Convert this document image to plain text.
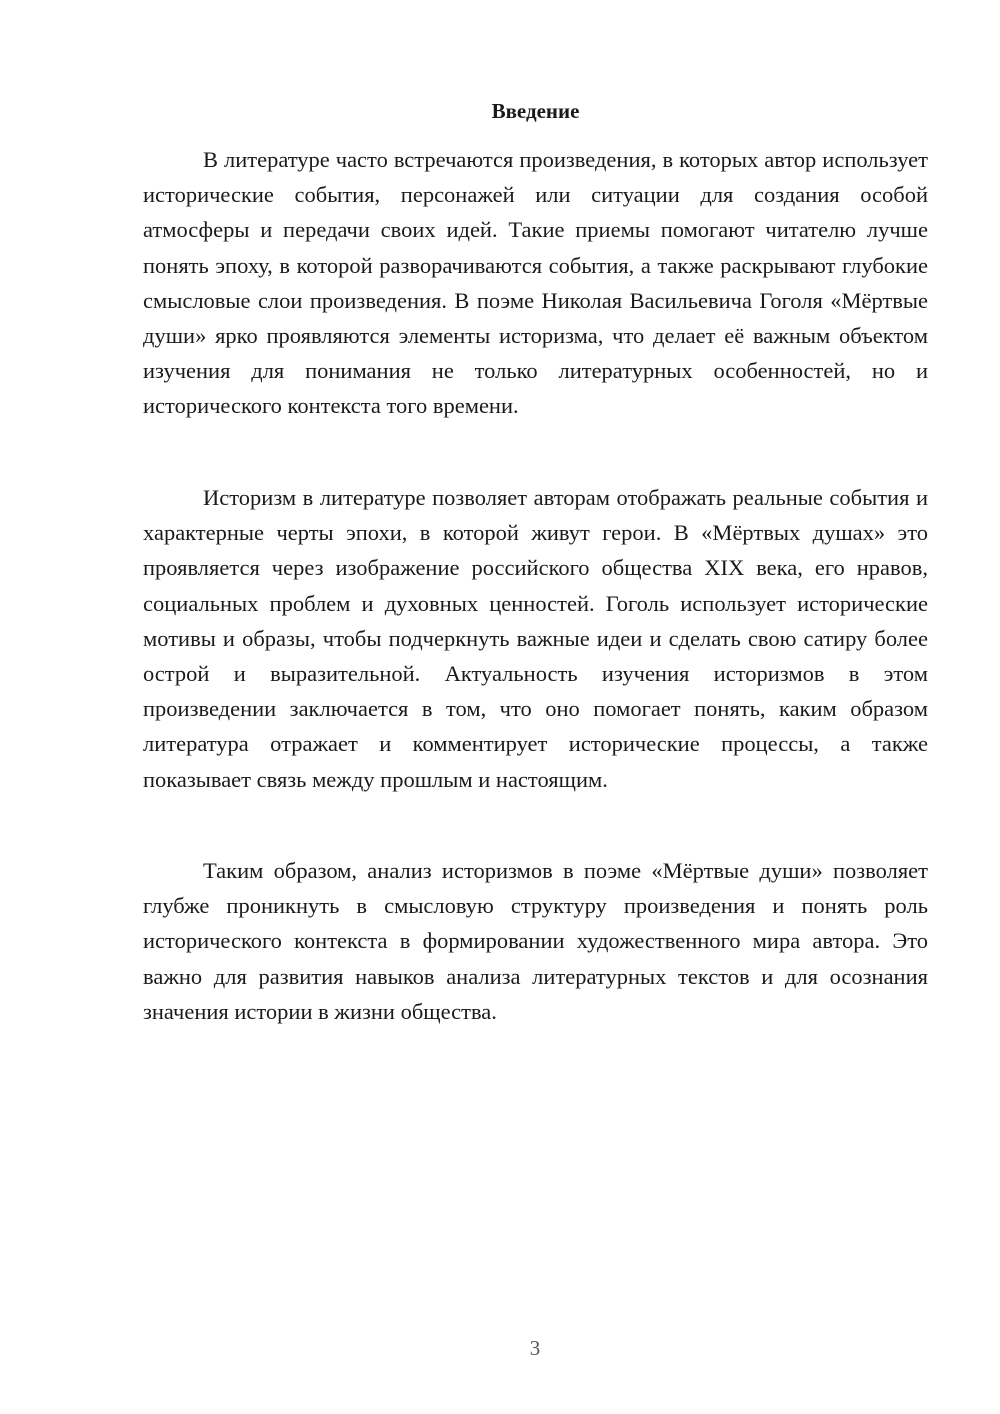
Введение

В литературе часто встречаются произведения, в которых автор использует исторические события, персонажей или ситуации для создания особой атмосферы и передачи своих идей. Такие приемы помогают читателю лучше понять эпоху, в которой разворачиваются события, а также раскрывают глубокие смысловые слои произведения. В поэме Николая Васильевича Гоголя «Мёртвые души» ярко проявляются элементы историзма, что делает её важным объектом изучения для понимания не только литературных особенностей, но и исторического контекста того времени.

Историзм в литературе позволяет авторам отображать реальные события и характерные черты эпохи, в которой живут герои. В «Мёртвых душах» это проявляется через изображение российского общества XIX века, его нравов, социальных проблем и духовных ценностей. Гоголь использует исторические мотивы и образы, чтобы подчеркнуть важные идеи и сделать свою сатиру более острой и выразительной. Актуальность изучения историзмов в этом произведении заключается в том, что оно помогает понять, каким образом литература отражает и комментирует исторические процессы, а также показывает связь между прошлым и настоящим.

Таким образом, анализ историзмов в поэме «Мёртвые души» позволяет глубже проникнуть в смысловую структуру произведения и понять роль исторического контекста в формировании художественного мира автора. Это важно для развития навыков анализа литературных текстов и для осознания значения истории в жизни общества.

3
